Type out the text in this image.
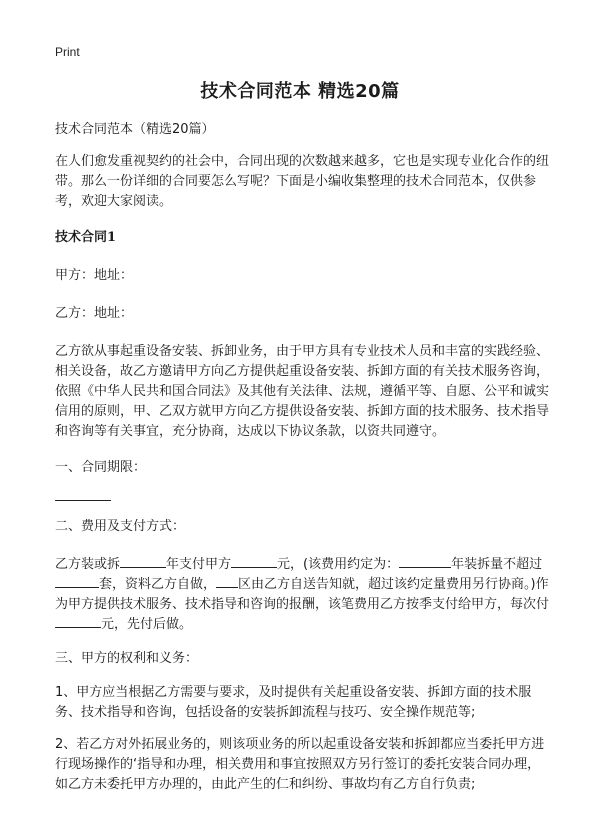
Print
技术合同范本 精选20篇

技术合同范本（精选20篇）

在人们愈发重视契约的社会中，合同出现的次数越来越多，它也是实现专业化合作的纽带。那么一份详细的合同要怎么写呢？下面是小编收集整理的技术合同范本，仅供参考，欢迎大家阅读。

技术合同1

甲方：地址：

乙方：地址：

乙方欲从事起重设备安装、拆卸业务，由于甲方具有专业技术人员和丰富的实践经验、相关设备，故乙方邀请甲方向乙方提供起重设备安装、拆卸方面的有关技术服务咨询，依照《中华人民共和国合同法》及其他有关法律、法规，遵循平等、自愿、公平和诚实信用的原则，甲、乙双方就甲方向乙方提供设备安装、拆卸方面的技术服务、技术指导和咨询等有关事宜，充分协商，达成以下协议条款，以资共同遵守。

一、合同期限：

二、费用及支付方式：

乙方装或拆	年支付甲方	元，(该费用约定为：	年装拆量不超过套，资料乙方自做， 区由乙方自送告知就，超过该约定量费用另行协商。)作为甲方提供技术服务、技术指导和咨询的报酬，该笔费用乙方按季支付给甲方，每次付元，先付后做。

三、甲方的权利和义务：

1、甲方应当根据乙方需要与要求，及时提供有关起重设备安装、拆卸方面的技术服务、技术指导和咨询，包括设备的安装拆卸流程与技巧、安全操作规范等;

2、若乙方对外拓展业务的，则该项业务的所以起重设备安装和拆卸都应当委托甲方进行现场操作的‘指导和办理，相关费用和事宜按照双方另行签订的委托安装合同办理，如乙方未委托甲方办理的，由此产生的仁和纠纷、事故均有乙方自行负责;
